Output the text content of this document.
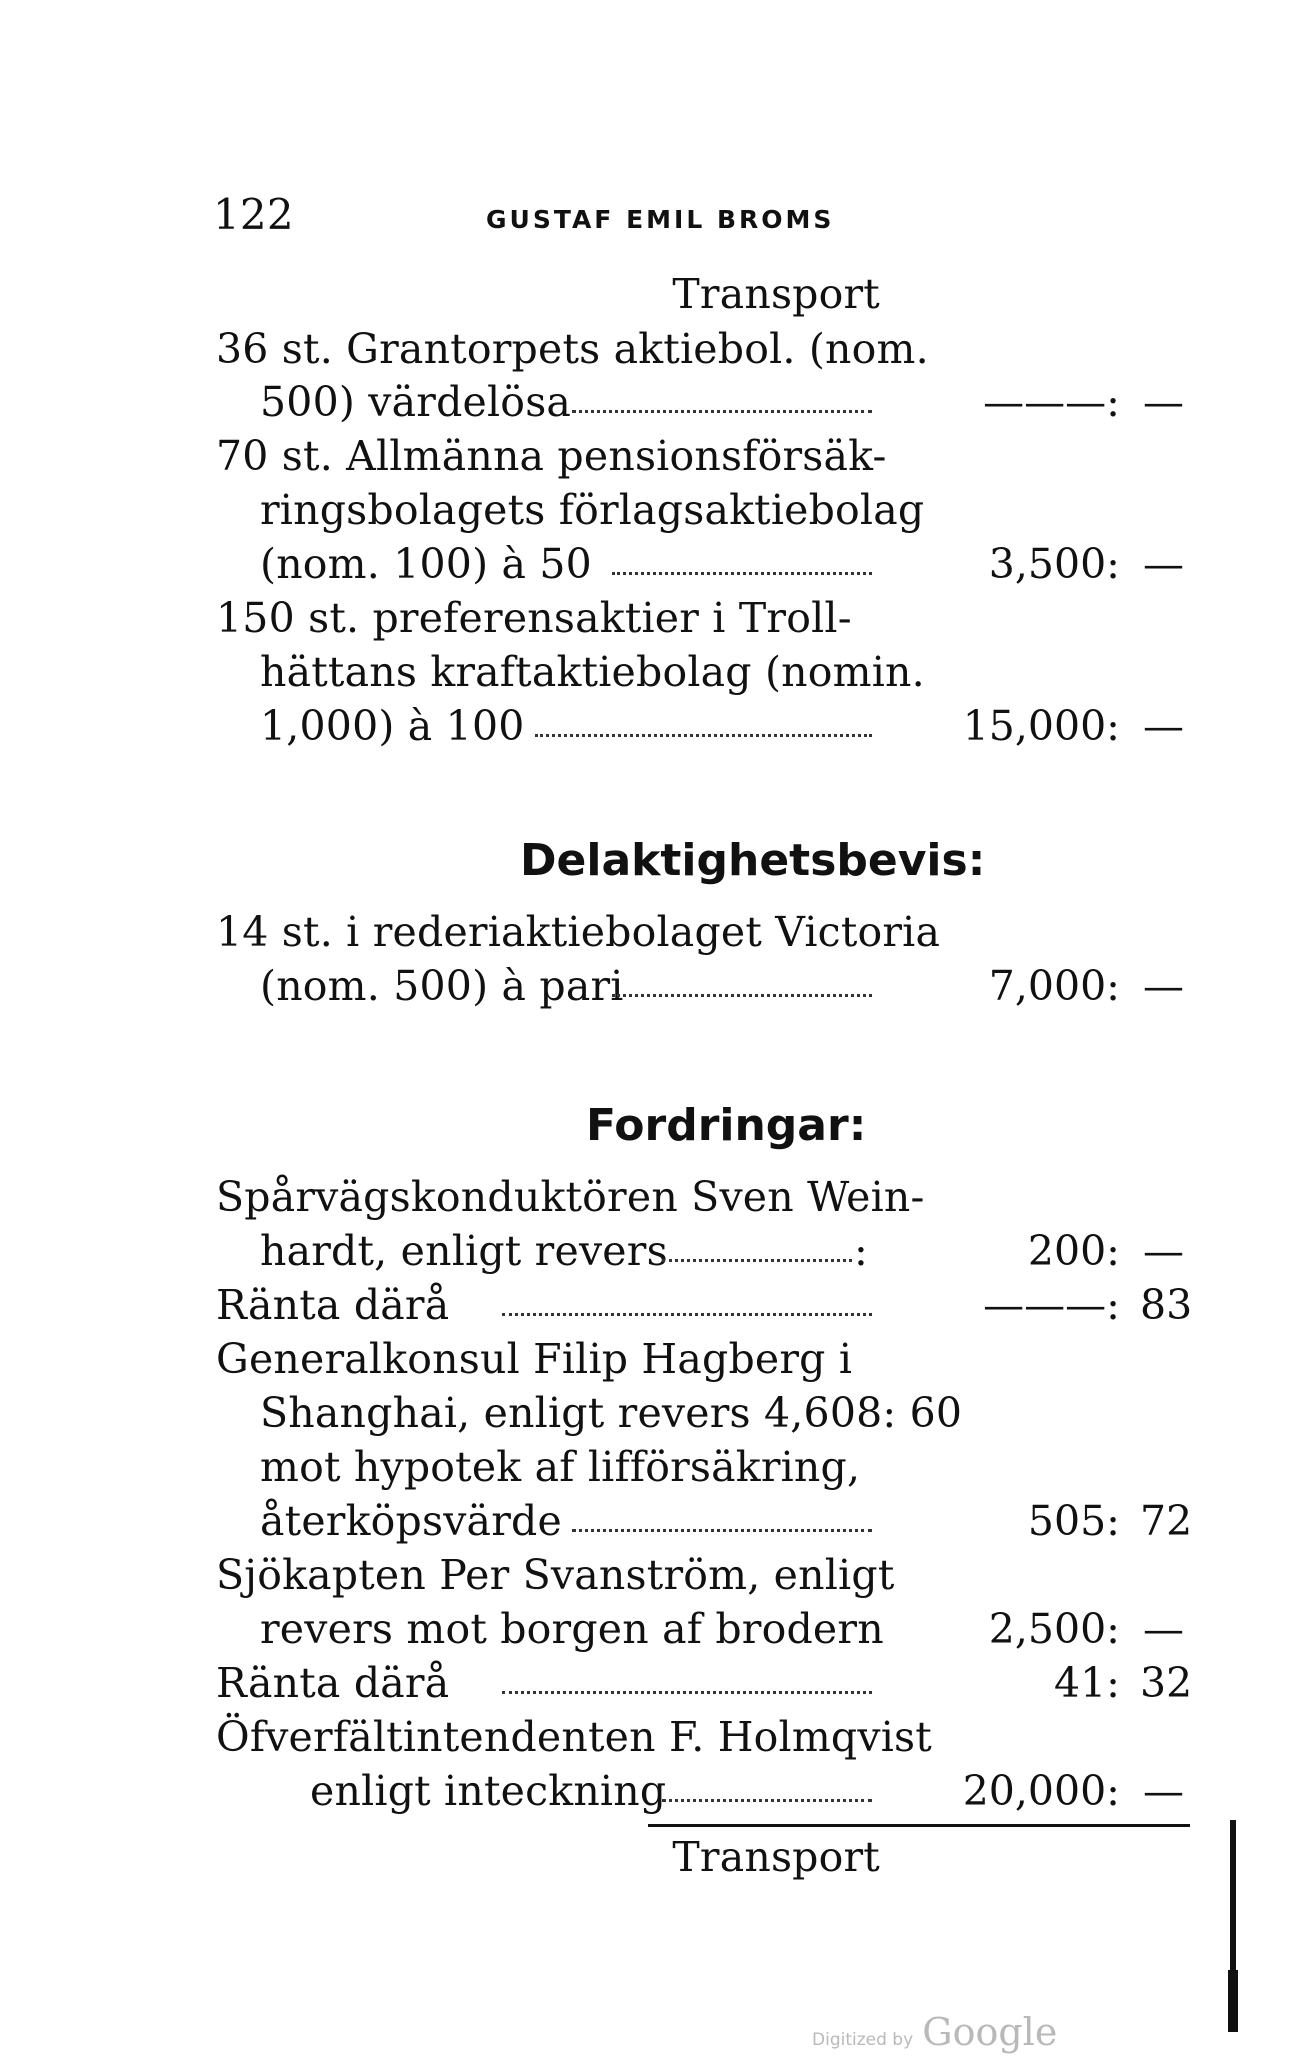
122	GUSTAF EMIL BROMS
Transport
36 st. Grantorpets aktiebol. (nom.
500) värdelösa	———: —
70 st. Allmänna pensionsförsäk-
ringsbolagets förlagsaktiebolag
(nom. 100) à 50	3,500: —
150 st. preferensaktier i Troll-
hättans kraftaktiebolag (nomin.
1,000) à 100	15,000: —
Delaktighetsbevis:
14 st. i rederiaktiebolaget Victoria
(nom. 500) à pari	7,000: —
Fordringar:
Spårvägskonduktören Sven Wein-
hardt, enligt revers	:	200: —
Ränta därå	———: 83
Generalkonsul Filip Hagberg i
Shanghai, enligt revers 4,608: 60
mot hypotek af lifförsäkring,
återköpsvärde	505: 72
Sjökapten Per Svanström, enligt
revers mot borgen af brodern	2,500: —
Ränta därå	41: 32
Öfverfältintendenten F. Holmqvist
enligt inteckning	20,000: —
Transport
Digitized by Google
